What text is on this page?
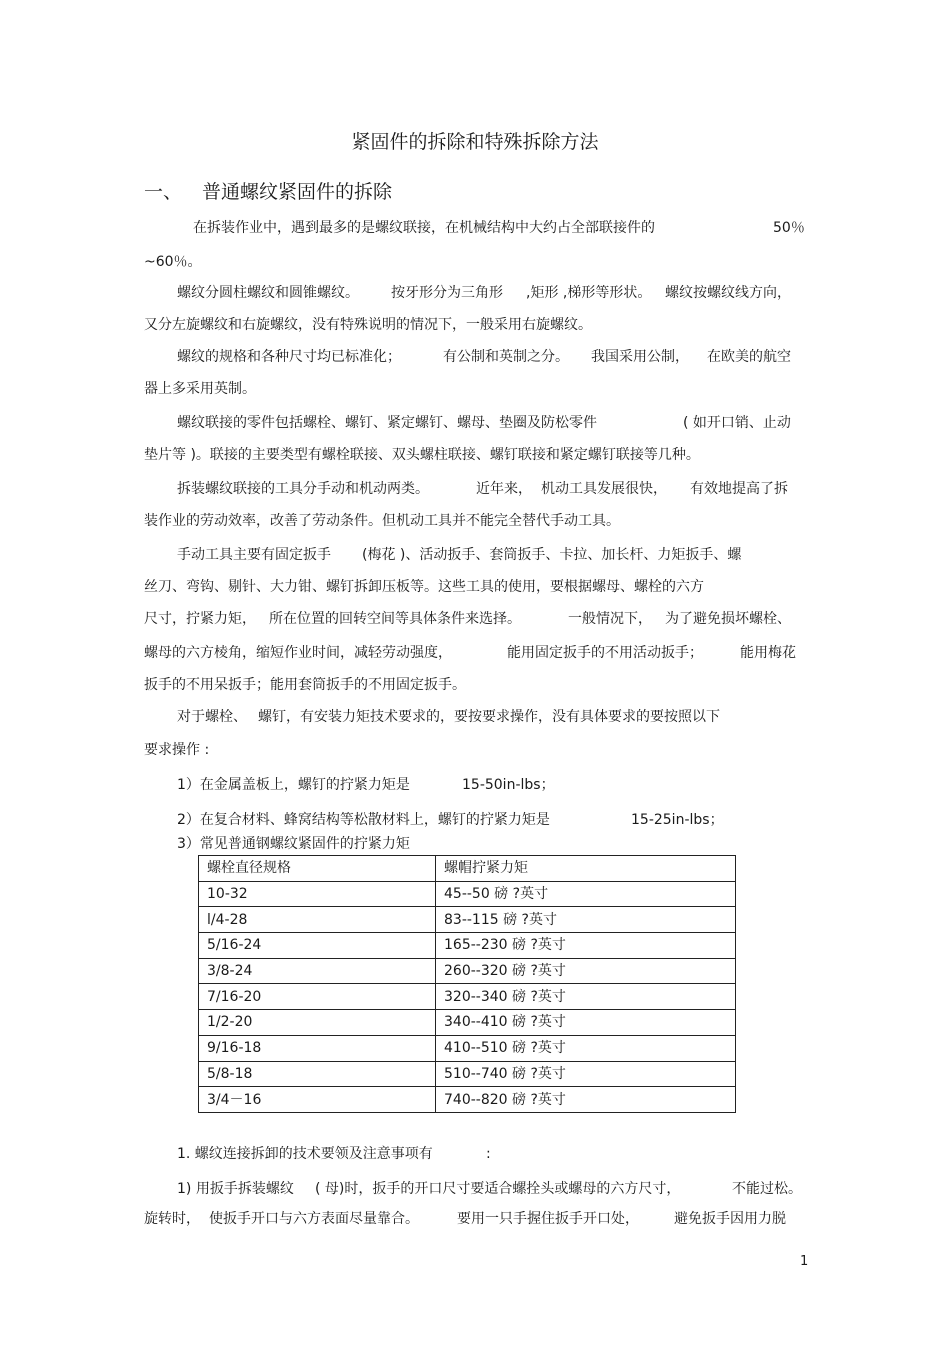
紧固件的拆除和特殊拆除方法
一、 普通螺纹紧固件的拆除
在拆装作业中，遇到最多的是螺纹联接，在机械结构中大约占全部联接件的	50％
~60％。
螺纹分圆柱螺纹和圆锥螺纹。 按牙形分为三角形 ,矩形 ,梯形等形状。 螺纹按螺纹线方向，
又分左旋螺纹和右旋螺纹，没有特殊说明的情况下，一般采用右旋螺纹。
螺纹的规格和各种尺寸均已标准化；	有公制和英制之分。 我国采用公制， 在欧美的航空
器上多采用英制。
螺纹联接的零件包括螺栓、螺钉、紧定螺钉、螺母、垫圈及防松零件	( 如开口销、止动
垫片等 )。联接的主要类型有螺栓联接、双头螺柱联接、螺钉联接和紧定螺钉联接等几种。
拆装螺纹联接的工具分手动和机动两类。	近年来， 机动工具发展很快， 有效地提高了拆
装作业的劳动效率，改善了劳动条件。但机动工具并不能完全替代手动工具。
手动工具主要有固定扳手 (梅花 )、活动扳手、套筒扳手、卡拉、加长杆、力矩扳手、螺
丝刀、弯钩、剔针、大力钳、螺钉拆卸压板等。这些工具的使用，要根据螺母、螺栓的六方
尺寸，拧紧力矩， 所在位置的回转空间等具体条件来选择。	一般情况下， 为了避免损坏螺栓、
螺母的六方棱角，缩短作业时间，减轻劳动强度，	能用固定扳手的不用活动扳手；	能用梅花
扳手的不用呆扳手；能用套筒扳手的不用固定扳手。
对于螺栓、 螺钉，有安装力矩技术要求的，要按要求操作，没有具体要求的要按照以下
要求操作 :
1）在金属盖板上，螺钉的拧紧力矩是	15-50in-lbs；
2）在复合材料、蜂窝结构等松散材料上，螺钉的拧紧力矩是	15-25in-lbs；
3）常见普通钢螺纹紧固件的拧紧力矩
螺栓直径规格	螺帽拧紧力矩
10-32	45--50 磅 ?英寸
l/4-28	83--115 磅 ?英寸
5/16-24	165--230 磅 ?英寸
3/8-24	260--320 磅 ?英寸
7/16-20	320--340 磅 ?英寸
1/2-20	340--410 磅 ?英寸
9/16-18	410--510 磅 ?英寸
5/8-18	510--740 磅 ?英寸
3/4－16	740--820 磅 ?英寸
1. 螺纹连接拆卸的技术要领及注意事项有	:
1) 用扳手拆装螺纹 ( 母)时，扳手的开口尺寸要适合螺拴头或螺母的六方尺寸，	不能过松。
旋转时， 使扳手开口与六方表面尽量靠合。	要用一只手握住扳手开口处，	避免扳手因用力脱
1
